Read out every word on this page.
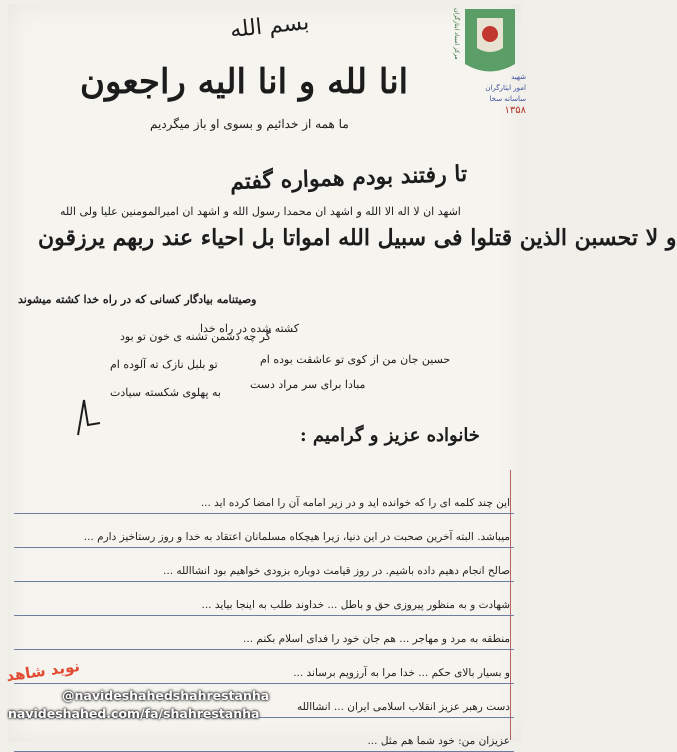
مرکز اسناد ایثارگران
شهید
امور ایثارگران
ساسانه سخا
۱۳۵۸
بسم الله
انا لله و انا الیه راجعون
ما همه از خدائیم و بسوی او باز میگردیم
تا رفتند بودم همواره گفتم
اشهد ان لا اله الا الله و اشهد ان محمدا رسول الله و اشهد ان امیرالمومنین علیا ولی الله
و لا تحسبن الذین قتلوا فی سبیل الله امواتا بل احیاء عند ربهم یرزقون
وصیتنامه بیادگار کسانی که در راه خدا کشته میشوند
کشته شده در راه خدا
گر چه دشمن تشنه ی خون تو بود
حسین جان من از کوی تو عاشقت بوده ام
تو بلبل نازک ته آلوده ام
مبادا برای سر مراد دست
به پهلوی شکسته سیادت
خانواده عزیز و گرامیم :
این چند کلمه ای را که خوانده اید و در زیر امامه آن را امضا کرده اید ...
میباشد. البته آخرین صحبت در این دنیا، زیرا هیچکاه مسلمانان اعتقاد به خدا و روز رستاخیز دارم ...
صالح انجام دهیم داده باشیم. در روز قیامت دوباره بزودی خواهیم بود انشاالله ...
شهادت و به منظور پیروزی حق و باطل ... خداوند طلب به اینجا بیاید ...
منطقه به مرد و مهاجر ... هم جان خود را فدای اسلام بکنم ...
و بسیار بالای حکم ... خدا مرا به آرزویم برساند ...
دست رهبر عزیز انقلاب اسلامی ایران ... انشاالله
عزیزان من: خود شما هم مثل ...
نوید شاهد
@navideshahedshahrestanha
navideshahed.com/fa/shahrestanha
